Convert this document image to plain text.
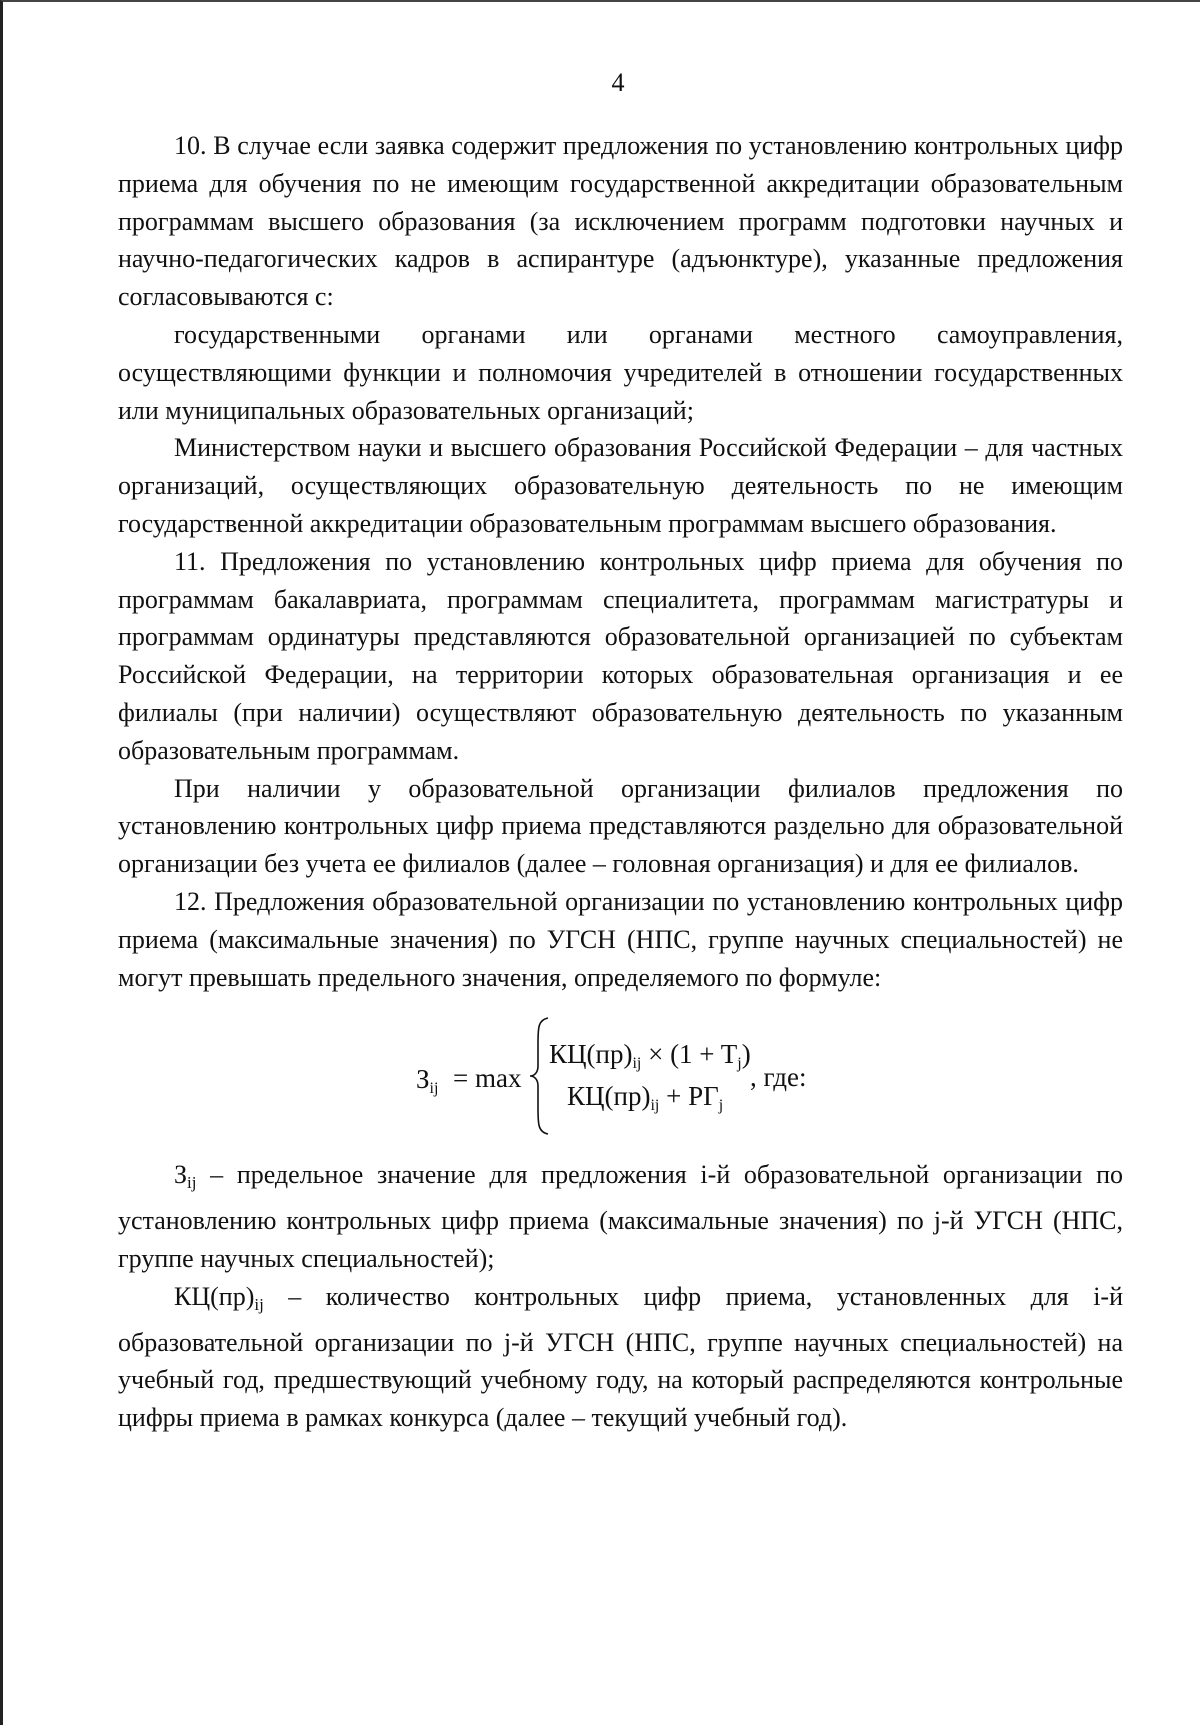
4

10. В случае если заявка содержит предложения по установлению контрольных цифр приема для обучения по не имеющим государственной аккредитации образовательным программам высшего образования (за исключением программ подготовки научных и научно-педагогических кадров в аспирантуре (адъюнктуре), указанные предложения согласовываются с:

государственными органами или органами местного самоуправления, осуществляющими функции и полномочия учредителей в отношении государственных или муниципальных образовательных организаций;

Министерством науки и высшего образования Российской Федерации – для частных организаций, осуществляющих образовательную деятельность по не имеющим государственной аккредитации образовательным программам высшего образования.

11. Предложения по установлению контрольных цифр приема для обучения по программам бакалавриата, программам специалитета, программам магистратуры и программам ординатуры представляются образовательной организацией по субъектам Российской Федерации, на территории которых образовательная организация и ее филиалы (при наличии) осуществляют образовательную деятельность по указанным образовательным программам.

При наличии у образовательной организации филиалов предложения по установлению контрольных цифр приема представляются раздельно для образовательной организации без учета ее филиалов (далее – головная организация) и для ее филиалов.

12. Предложения образовательной организации по установлению контрольных цифр приема (максимальные значения) по УГСН (НПС, группе научных специальностей) не могут превышать предельного значения, определяемого по формуле:

$З_{ij} = \max$
КЦ(пр)ij × (1 + Tj)
КЦ(пр)ij + РГj
, где:

$З_{ij}$ – предельное значение для предложения i-й образовательной организации по установлению контрольных цифр приема (максимальные значения) по j-й УГСН (НПС, группе научных специальностей);

$КЦ(пр)_{ij}$ – количество контрольных цифр приема, установленных для i-й образовательной организации по j-й УГСН (НПС, группе научных специальностей) на учебный год, предшествующий учебному году, на который распределяются контрольные цифры приема в рамках конкурса (далее – текущий учебный год).
